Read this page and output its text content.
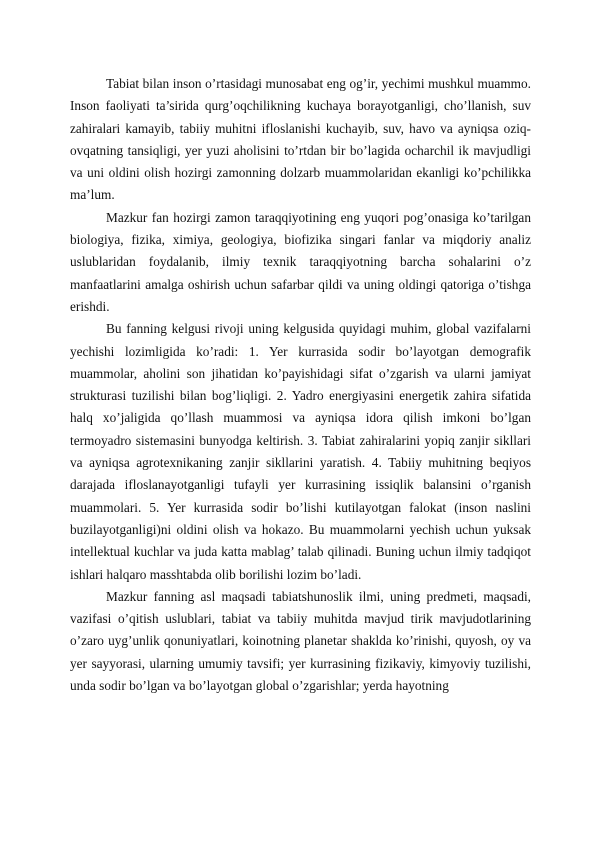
Tabiat bilan inson o’rtasidagi munosabat eng og’ir, yechimi mushkul muammo. Inson faoliyati ta’sirida qurg’oqchilikning kuchaya borayotganligi, cho’llanish, suv zahiralari kamayib, tabiiy muhitni ifloslanishi kuchayib, suv, havo va ayniqsa oziq-ovqatning tansiqligi, yer yuzi aholisini to’rtdan bir bo’lagida ocharchil ik mavjudligi va uni oldini olish hozirgi zamonning dolzarb muammolaridan ekanligi ko’pchilikka ma’lum.

Mazkur fan hozirgi zamon taraqqiyotining eng yuqori pog’onasiga ko’tarilgan biologiya, fizika, ximiya, geologiya, biofizika singari fanlar va miqdoriy analiz uslublaridan foydalanib, ilmiy texnik taraqqiyotning barcha sohalarini o’z manfaatlarini amalga oshirish uchun safarbar qildi va uning oldingi qatoriga o’tishga erishdi.

Bu fanning kelgusi rivoji uning kelgusida quyidagi muhim, global vazifalarni yechishi lozimligida ko’radi: 1. Yer kurrasida sodir bo’layotgan demografik muammolar, aholini son jihatidan ko’payishidagi sifat o’zgarish va ularni jamiyat strukturasi tuzilishi bilan bog’liqligi. 2. Yadro energiyasini energetik zahira sifatida halq xo’jaligida qo’llash muammosi va ayniqsa idora qilish imkoni bo’lgan termoyadro sistemasini bunyodga keltirish. 3. Tabiat zahiralarini yopiq zanjir sikllari va ayniqsa agrotexnikaning zanjir sikllarini yaratish. 4. Tabiiy muhitning beqiyos darajada ifloslanayotganligi tufayli yer kurrasining issiqlik balansini o’rganish muammolari. 5. Yer kurrasida sodir bo’lishi kutilayotgan falokat (inson naslini buzilayotganligi)ni oldini olish va hokazo. Bu muammolarni yechish uchun yuksak intellektual kuchlar va juda katta mablag’ talab qilinadi. Buning uchun ilmiy tadqiqot ishlari halqaro masshtabda olib borilishi lozim bo’ladi.

Mazkur fanning asl maqsadi tabiatshunoslik ilmi, uning predmeti, maqsadi, vazifasi o’qitish uslublari, tabiat va tabiiy muhitda mavjud tirik mavjudotlarining o’zaro uyg’unlik qonuniyatlari, koinotning planetar shaklda ko’rinishi, quyosh, oy va yer sayyorasi, ularning umumiy tavsifi; yer kurrasining fizikaviy, kimyoviy tuzilishi, unda sodir bo’lgan va bo’layotgan global o’zgarishlar; yerda hayotning
